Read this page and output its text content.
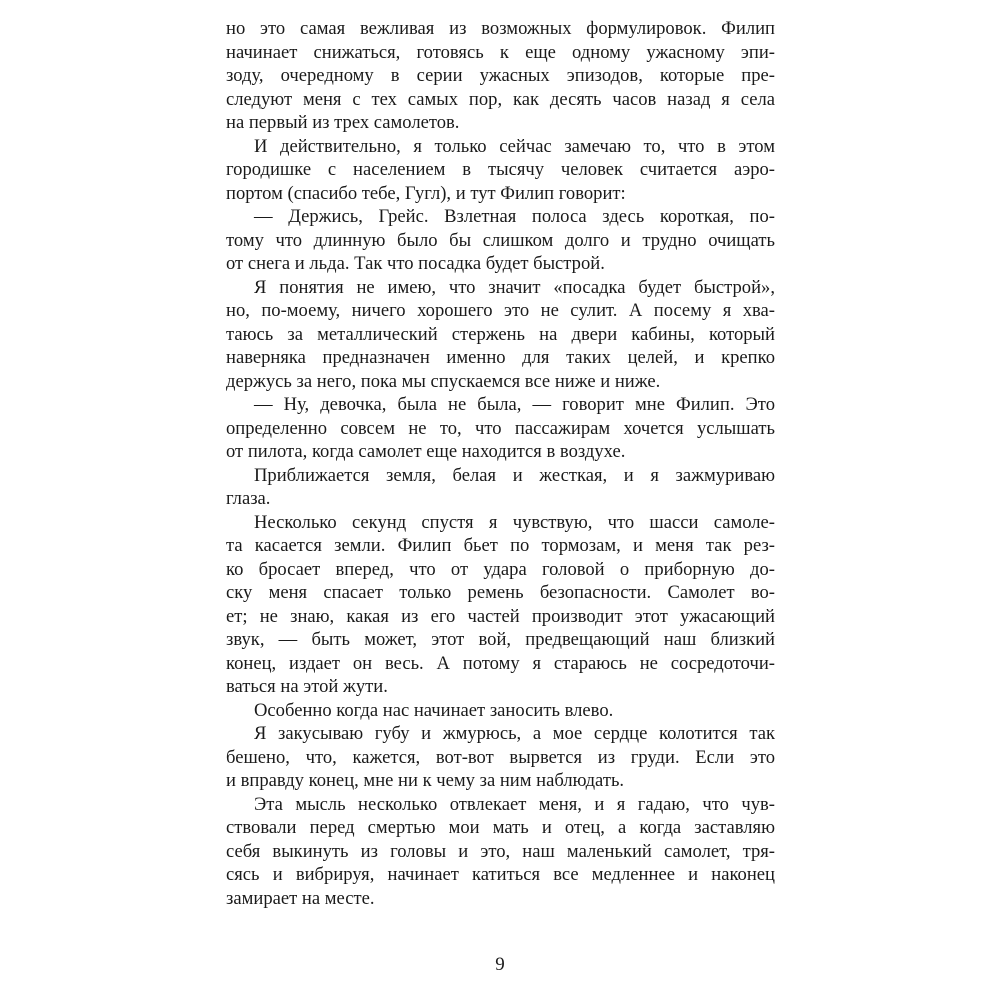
но это самая вежливая из возможных формулировок. Филип
начинает снижаться, готовясь к еще одному ужасному эпи-
зоду, очередному в серии ужасных эпизодов, которые пре-
следуют меня с тех самых пор, как десять часов назад я села
на первый из трех самолетов.
И действительно, я только сейчас замечаю то, что в этом
городишке с населением в тысячу человек считается аэро-
портом (спасибо тебе, Гугл), и тут Филип говорит:
— Держись, Грейс. Взлетная полоса здесь короткая, по-
тому что длинную было бы слишком долго и трудно очищать
от снега и льда. Так что посадка будет быстрой.
Я понятия не имею, что значит «посадка будет быстрой»,
но, по-моему, ничего хорошего это не сулит. А посему я хва-
таюсь за металлический стержень на двери кабины, который
наверняка предназначен именно для таких целей, и крепко
держусь за него, пока мы спускаемся все ниже и ниже.
— Ну, девочка, была не была, — говорит мне Филип. Это
определенно совсем не то, что пассажирам хочется услышать
от пилота, когда самолет еще находится в воздухе.
Приближается земля, белая и жесткая, и я зажмуриваю
глаза.
Несколько секунд спустя я чувствую, что шасси самоле-
та касается земли. Филип бьет по тормозам, и меня так рез-
ко бросает вперед, что от удара головой о приборную до-
ску меня спасает только ремень безопасности. Самолет во-
ет; не знаю, какая из его частей производит этот ужасающий
звук, — быть может, этот вой, предвещающий наш близкий
конец, издает он весь. А потому я стараюсь не сосредоточи-
ваться на этой жути.
Особенно когда нас начинает заносить влево.
Я закусываю губу и жмурюсь, а мое сердце колотится так
бешено, что, кажется, вот-вот вырвется из груди. Если это
и вправду конец, мне ни к чему за ним наблюдать.
Эта мысль несколько отвлекает меня, и я гадаю, что чув-
ствовали перед смертью мои мать и отец, а когда заставляю
себя выкинуть из головы и это, наш маленький самолет, тря-
сясь и вибрируя, начинает катиться все медленнее и наконец
замирает на месте.
9
